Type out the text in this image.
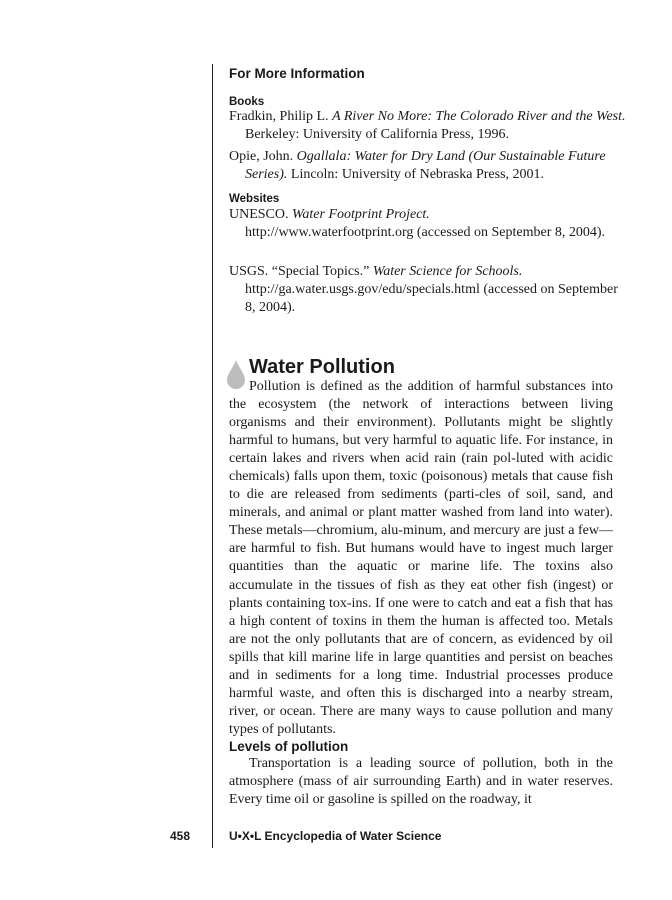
For More Information
Books

Fradkin, Philip L. A River No More: The Colorado River and the West. Berkeley: University of California Press, 1996.

Opie, John. Ogallala: Water for Dry Land (Our Sustainable Future Series). Lincoln: University of Nebraska Press, 2001.

Websites

UNESCO. Water Footprint Project.
http://www.waterfootprint.org (accessed on September 8, 2004).

USGS. “Special Topics.” Water Science for Schools.
http://ga.water.usgs.gov/edu/specials.html (accessed on September 8, 2004).

Water Pollution

Pollution is defined as the addition of harmful substances into the ecosystem (the network of interactions between living organisms and their environment). Pollutants might be slightly harmful to humans, but very harmful to aquatic life. For instance, in certain lakes and rivers when acid rain (rain pol-luted with acidic chemicals) falls upon them, toxic (poisonous) metals that cause fish to die are released from sediments (parti-cles of soil, sand, and minerals, and animal or plant matter washed from land into water). These metals—chromium, alu-minum, and mercury are just a few—are harmful to fish. But humans would have to ingest much larger quantities than the aquatic or marine life. The toxins also accumulate in the tissues of fish as they eat other fish (ingest) or plants containing tox-ins. If one were to catch and eat a fish that has a high content of toxins in them the human is affected too. Metals are not the only pollutants that are of concern, as evidenced by oil spills that kill marine life in large quantities and persist on beaches and in sediments for a long time. Industrial processes produce harmful waste, and often this is discharged into a nearby stream, river, or ocean. There are many ways to cause pollution and many types of pollutants.

Levels of pollution

Transportation is a leading source of pollution, both in the atmosphere (mass of air surrounding Earth) and in water reserves. Every time oil or gasoline is spilled on the roadway, it

458	U•X•L Encyclopedia of Water Science
